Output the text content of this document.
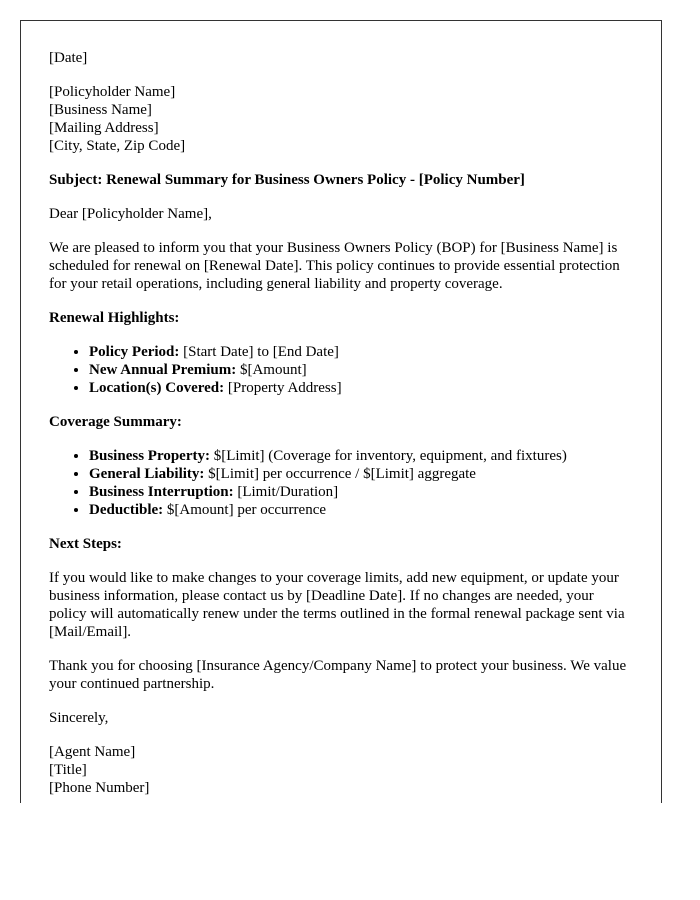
[Date]

[Policyholder Name]
[Business Name]
[Mailing Address]
[City, State, Zip Code]

Subject: Renewal Summary for Business Owners Policy - [Policy Number]

Dear [Policyholder Name],

We are pleased to inform you that your Business Owners Policy (BOP) for [Business Name] is scheduled for renewal on [Renewal Date]. This policy continues to provide essential protection for your retail operations, including general liability and property coverage.

Renewal Highlights:

• Policy Period: [Start Date] to [End Date]
• New Annual Premium: $[Amount]
• Location(s) Covered: [Property Address]

Coverage Summary:

• Business Property: $[Limit] (Coverage for inventory, equipment, and fixtures)
• General Liability: $[Limit] per occurrence / $[Limit] aggregate
• Business Interruption: [Limit/Duration]
• Deductible: $[Amount] per occurrence

Next Steps:

If you would like to make changes to your coverage limits, add new equipment, or update your business information, please contact us by [Deadline Date]. If no changes are needed, your policy will automatically renew under the terms outlined in the formal renewal package sent via [Mail/Email].

Thank you for choosing [Insurance Agency/Company Name] to protect your business. We value your continued partnership.

Sincerely,

[Agent Name]
[Title]
[Phone Number]
